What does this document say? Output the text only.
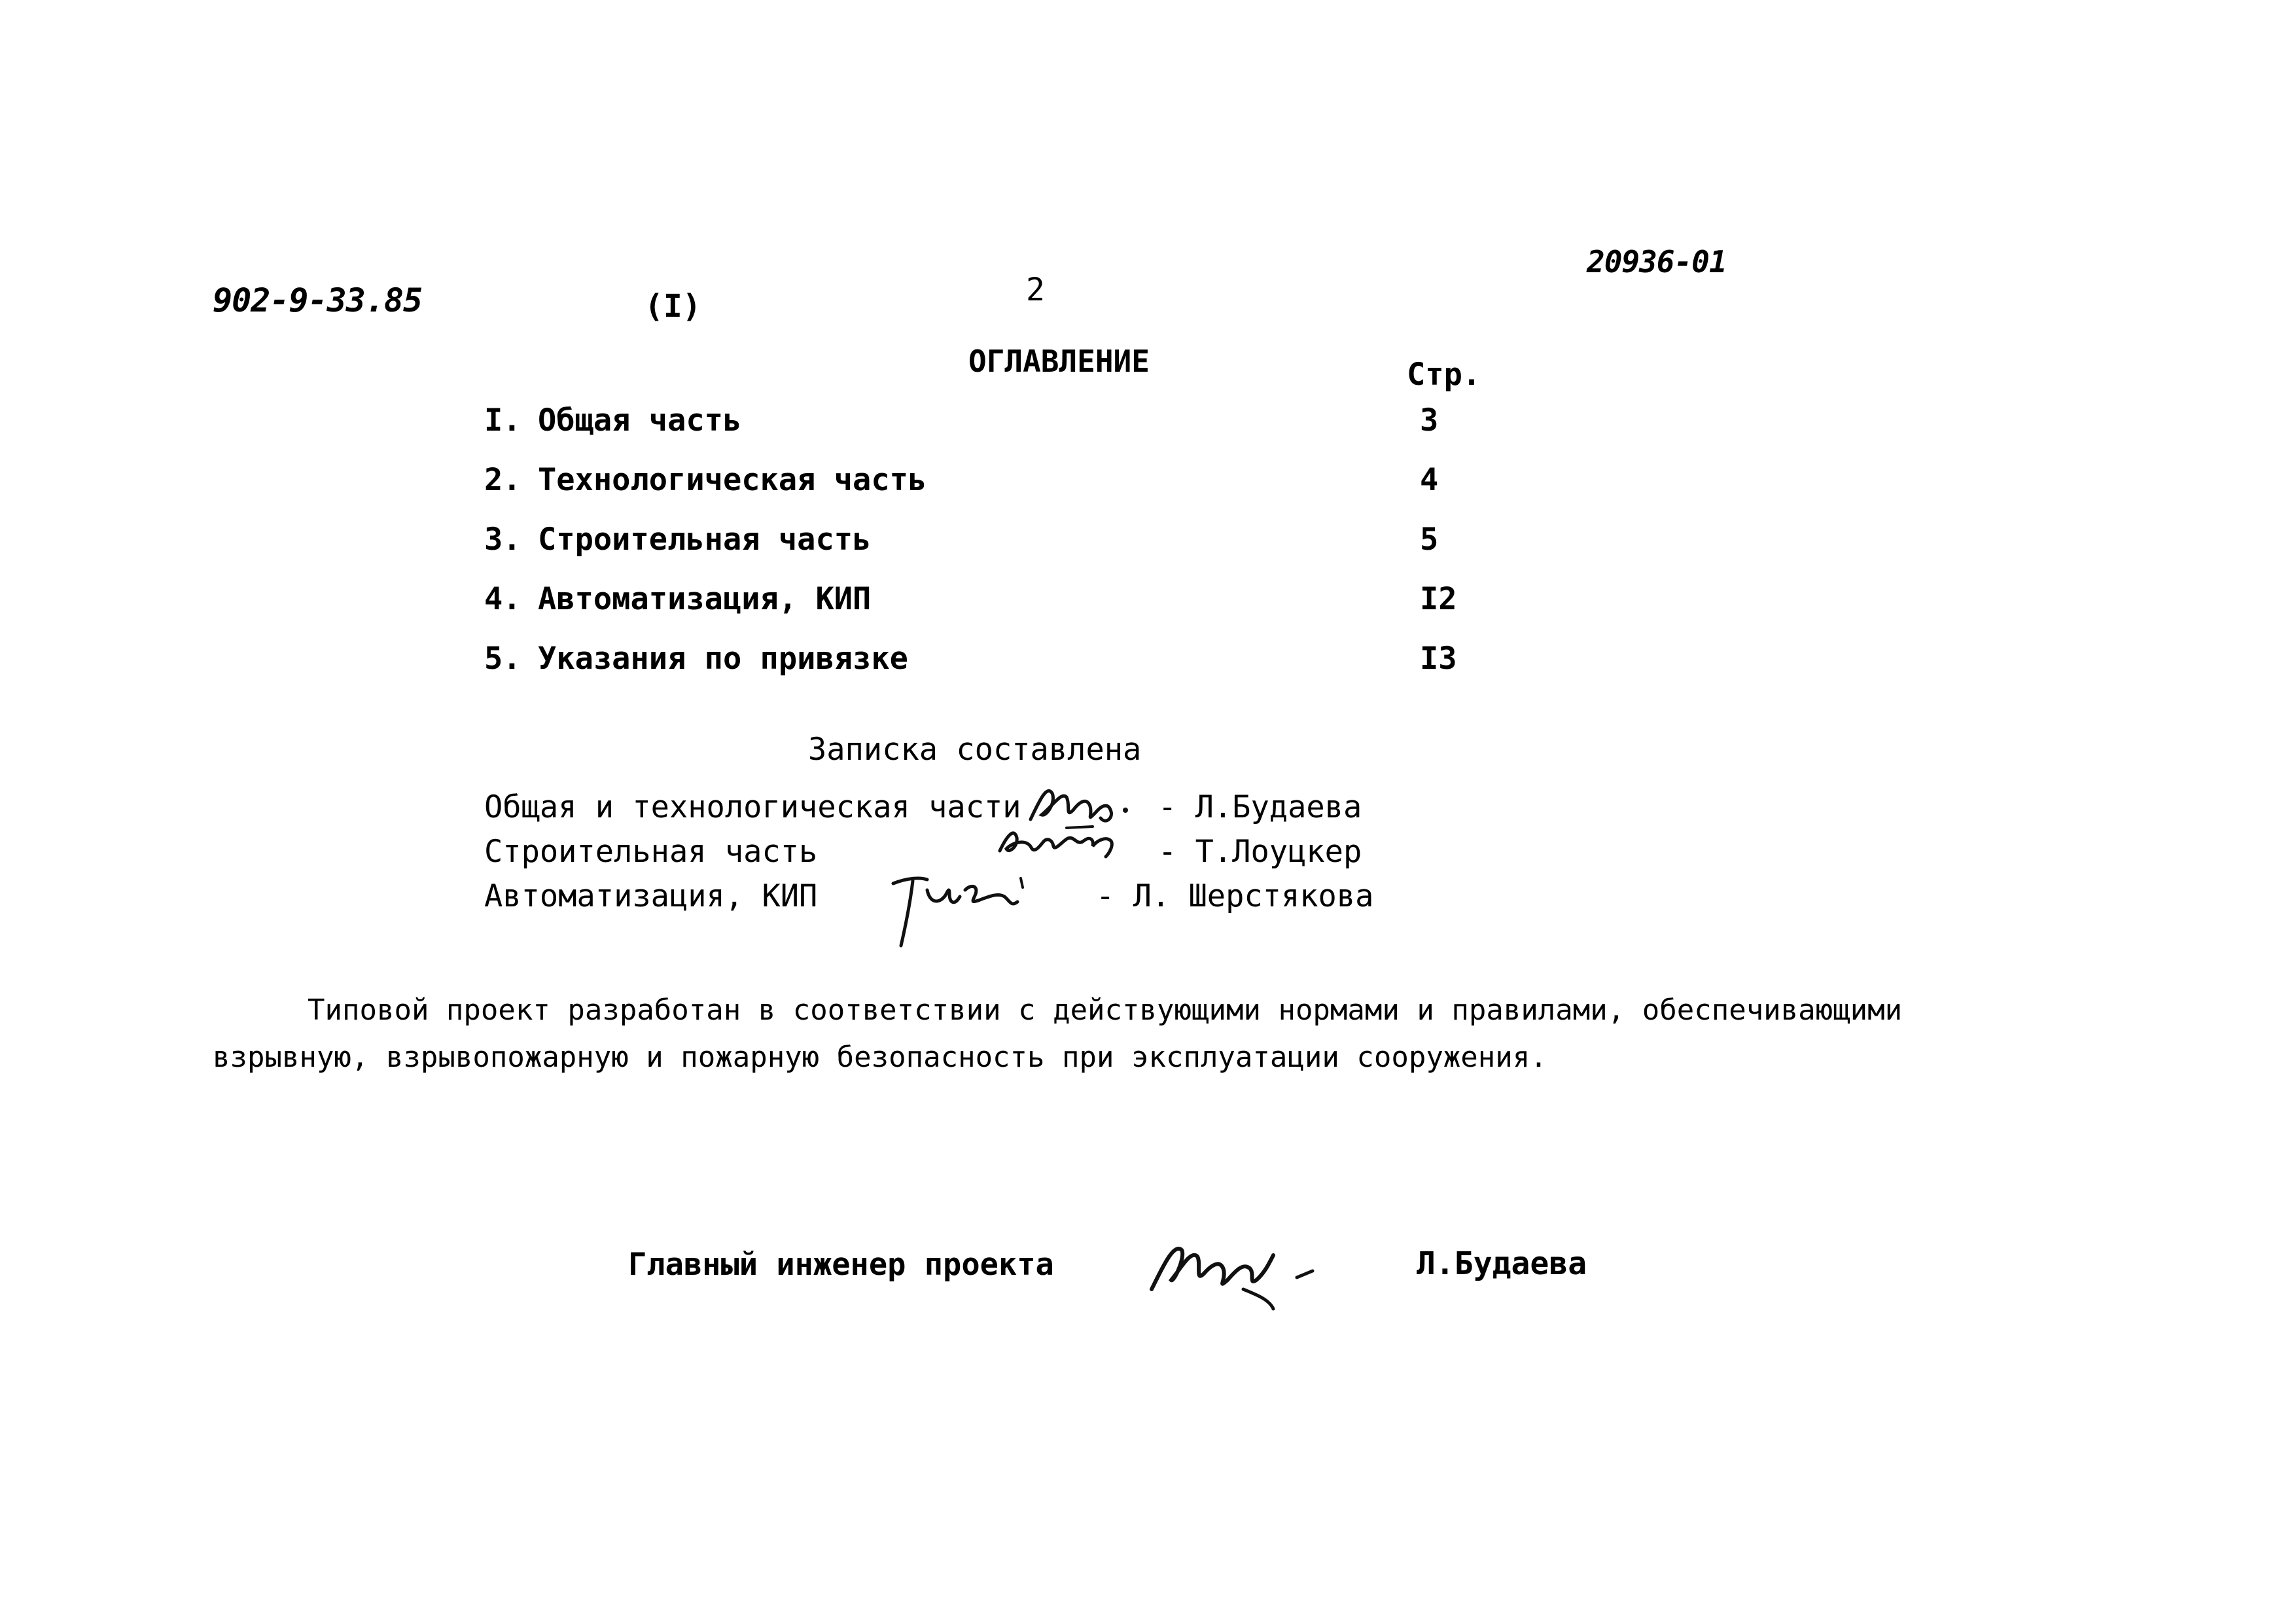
902-9-33.85	(I)	2
20936-01
ОГЛАВЛЕНИЕ	Стр.
I. Общая часть	3
2. Технологическая часть	4
3. Строительная часть	5
4. Автоматизация, КИП	I2
5. Указания по привязке	I3
Записка составлена
Общая и технологическая части	- Л.Будаева
Строительная часть	- Т.Лоуцкер
Автоматизация, КИП	- Л. Шерстякова
Типовой проект разработан в соответствии с действующими нормами и правилами, обеспечивающими
взрывную, взрывопожарную и пожарную безопасность при эксплуатации сооружения.
Главный инженер проекта	Л.Будаева
